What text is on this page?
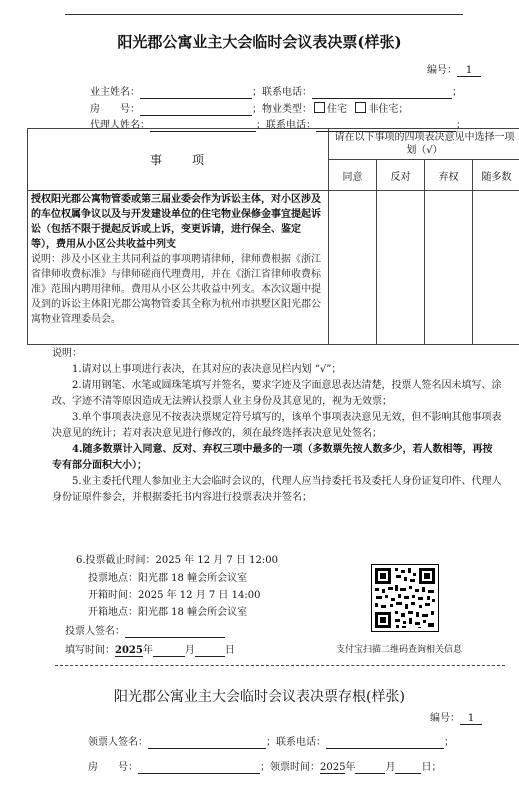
阳光郡公寓业主大会临时会议表决票(样张)
编号： 1
业主姓名：	；联系电话：	；
房　　号：	；物业类型： 住宅 非住宅；
代理人姓名：	；联系电话：	；
事　　项	请在以下事项的四项表决意见中选择一项划（√）			
	同意	反对	弃权	随多数

授权阳光郡公寓物管委或第三届业委会作为诉讼主体，对小区涉及的车位权属争议以及与开发建设单位的住宅物业保修金事宜提起诉讼（包括不限于提起反诉或上诉，变更诉请，进行保全、鉴定等），费用从小区公共收益中列支
说明：涉及小区业主共同利益的事项聘请律师，律师费根据《浙江省律师收费标准》与律师磋商代理费用，并在《浙江省律师收费标准》范围内聘用律师。费用从小区公共收益中列支。本次议题中提及到的诉讼主体阳光郡公寓物管委其全称为杭州市拱墅区阳光郡公寓物业管理委员会。				

说明：

1.请对以上事项进行表决，在其对应的表决意见栏内划 “√”；

2.请用钢笔、水笔或圆珠笔填写并签名，要求字迹及字面意思表达清楚，投票人签名因未填写、涂改、字迹不清等原因造成无法辨认投票人业主身份及其意见的，视为无效票；

3.单个事项表决意见不按表决票规定符号填写的，该单个事项表决意见无效，但不影响其他事项表决意见的统计；若对表决意见进行修改的，须在最终选择表决意见处签名；

4.随多数票计入同意、反对、弃权三项中最多的一项（多数票先按人数多少，若人数相等，再按专有部分面积大小）；

5.业主委托代理人参加业主大会临时会议的，代理人应当持委托书及委托人身份证复印件、代理人身份证原件参会，并根据委托书内容进行投票表决并签名；

6.投票截止时间：2025 年 12 月 7 日 12:00
投票地点：阳光郡 18 幢会所会议室
开箱时间：2025 年 12 月 7 日 14:00
开箱地点：阳光郡 18 幢会所会议室
支付宝扫描二维码查询相关信息
投票人签名：
填写时间：2025年	月	日
阳光郡公寓业主大会临时会议表决票存根(样张)
编号： 1
领票人签名：	；联系电话：	；
房　　号：	；领票时间：2025年	月	日；
